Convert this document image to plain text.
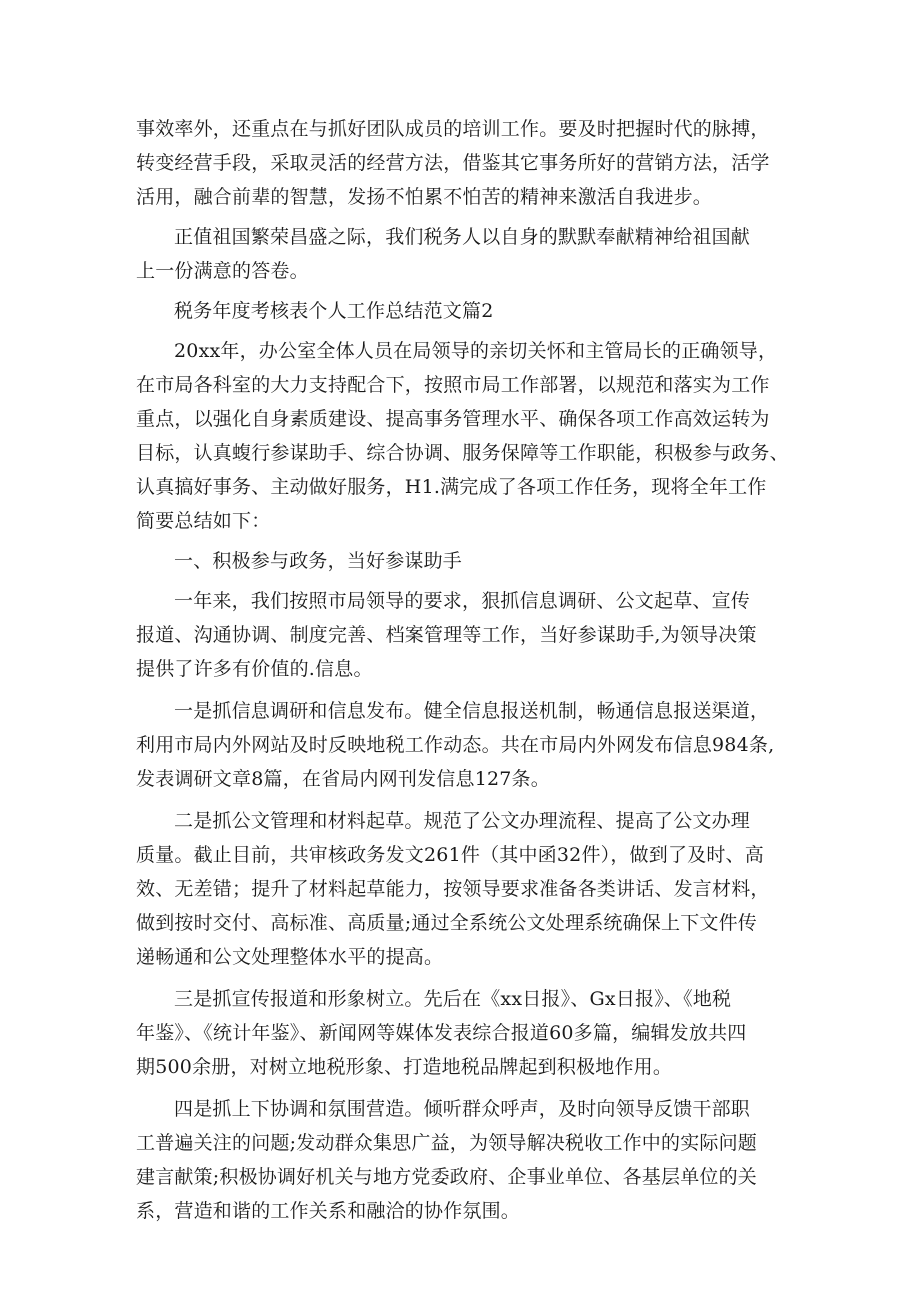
事效率外，还重点在与抓好团队成员的培训工作。要及时把握时代的脉搏，
转变经营手段，采取灵活的经营方法，借鉴其它事务所好的营销方法，活学
活用，融合前辈的智慧，发扬不怕累不怕苦的精神来激活自我进步。
正值祖国繁荣昌盛之际，我们税务人以自身的默默奉献精神给祖国献
上一份满意的答卷。
税务年度考核表个人工作总结范文篇2
20xx年，办公室全体人员在局领导的亲切关怀和主管局长的正确领导，
在市局各科室的大力支持配合下，按照市局工作部署，以规范和落实为工作
重点，以强化自身素质建设、提高事务管理水平、确保各项工作高效运转为
目标，认真蝮行参谋助手、综合协调、服务保障等工作职能，积极参与政务、
认真搞好事务、主动做好服务，H1.满完成了各项工作任务，现将全年工作
简要总结如下：
一、积极参与政务，当好参谋助手
一年来，我们按照市局领导的要求，狠抓信息调研、公文起草、宣传
报道、沟通协调、制度完善、档案管理等工作，当好参谋助手,为领导决策
提供了许多有价值的.信息。
一是抓信息调研和信息发布。健全信息报送机制，畅通信息报送渠道，
利用市局内外网站及时反映地税工作动态。共在市局内外网发布信息984条,
发表调研文章8篇，在省局内网刊发信息127条。
二是抓公文管理和材料起草。规范了公文办理流程、提高了公文办理
质量。截止目前，共审核政务发文261件（其中函32件），做到了及时、高
效、无差错；提升了材料起草能力，按领导要求准备各类讲话、发言材料，
做到按时交付、高标准、高质量;通过全系统公文处理系统确保上下文件传
递畅通和公文处理整体水平的提高。
三是抓宣传报道和形象树立。先后在《xx日报》、Gx日报》、《地税
年鉴》、《统计年鉴》、新闻网等媒体发表综合报道60多篇，编辑发放共四
期500余册，对树立地税形象、打造地税品牌起到积极地作用。
四是抓上下协调和氛围营造。倾听群众呼声，及时向领导反馈干部职
工普遍关注的问题;发动群众集思广益，为领导解决税收工作中的实际问题
建言献策;积极协调好机关与地方党委政府、企事业单位、各基层单位的关
系，营造和谐的工作关系和融洽的协作氛围。
